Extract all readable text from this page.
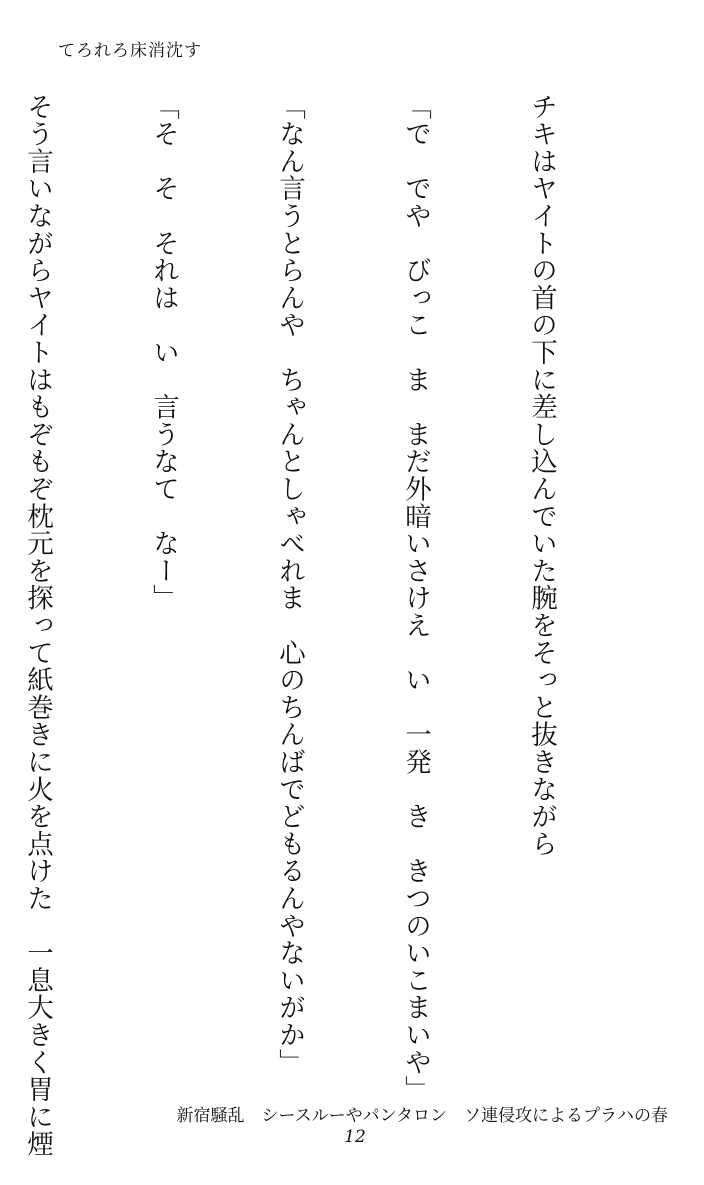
てろれろ床消沈す

チキはヤイトの首の下に差し込んでいた腕をそっと抜きながら

「で　でや　びっこ　ま　まだ外暗いさけえ　い　一発　き　きつのいこまいや」

「なん言うとらんや　ちゃんとしゃべれま　心のちんばでどもるんやないがか」

「そ　そ　それは　い　言うなて　なー」

そう言いながらヤイトはもぞもぞ枕元を探って紙巻きに火を点けた　一息大きく胃に煙

	新宿騒乱　シースルーやパンタロン　ソ連侵攻によるプラハの春
12
